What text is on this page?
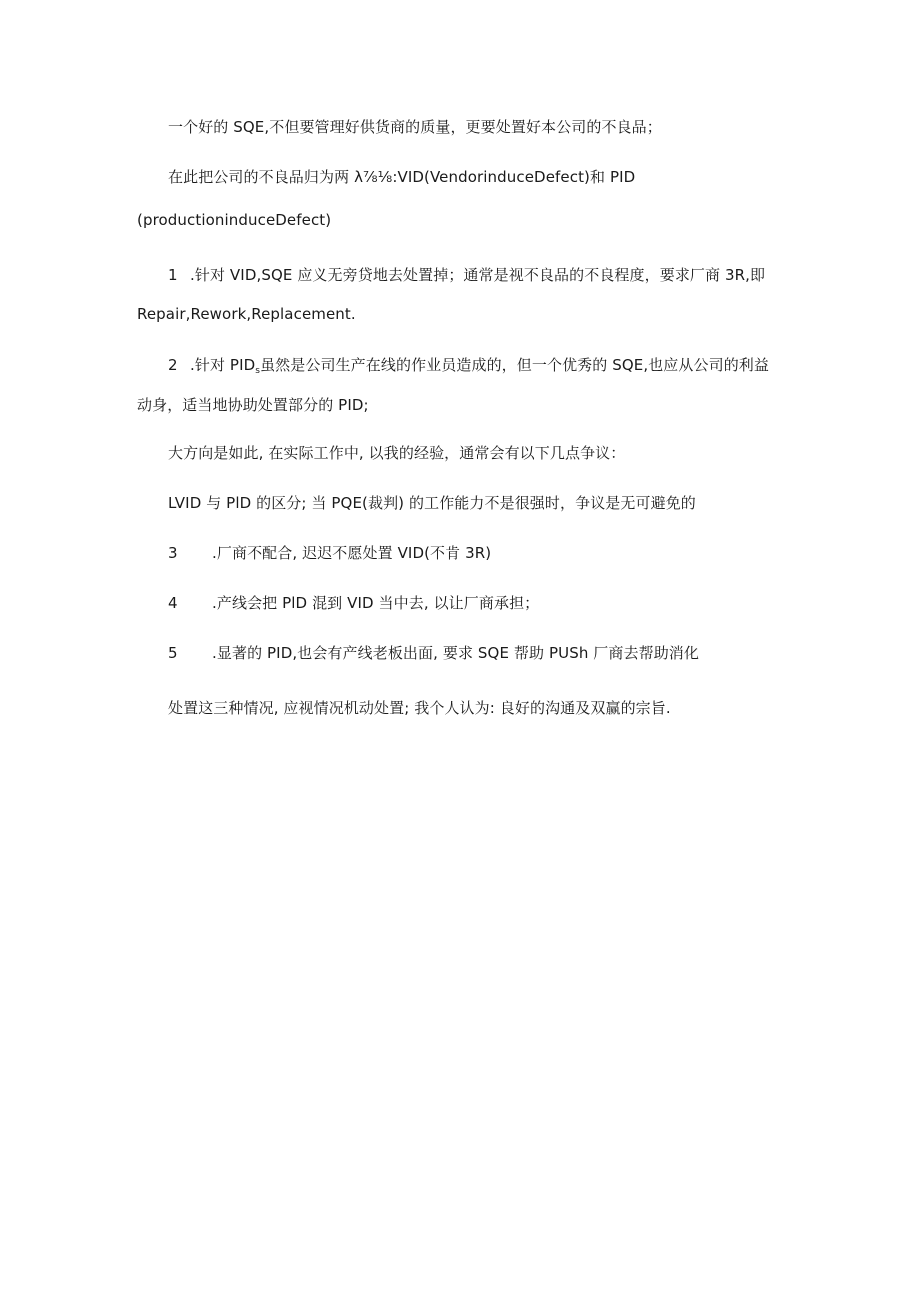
一个好的 SQE,不但要管理好供货商的质量，更要处置好本公司的不良品；
在此把公司的不良品归为两 λ⅞⅛:VID(VendorinduceDefect)和 PID
(productioninduceDefect)
1 .针对 VID,SQE 应义无旁贷地去处置掉；通常是视不良品的不良程度，要求厂商 3R,即
Repair,Rework,Replacement.
2 .针对 $PID_s$虽然是公司生产在线的作业员造成的，但一个优秀的 SQE,也应从公司的利益
动身，适当地协助处置部分的 PID;
大方向是如此, 在实际工作中, 以我的经验，通常会有以下几点争议：
LVID 与 PlD 的区分; 当 PQE(裁判) 的工作能力不是很强时，争议是无可避免的
3 .厂商不配合, 迟迟不愿处置 VID(不肯 3R)
4 .产线会把 PlD 混到 VID 当中去, 以让厂商承担；
5 .显著的 PID,也会有产线老板出面, 要求 SQE 帮助 PUSh 厂商去帮助消化
处置这三种情况, 应视情况机动处置; 我个人认为: 良好的沟通及双赢的宗旨.
